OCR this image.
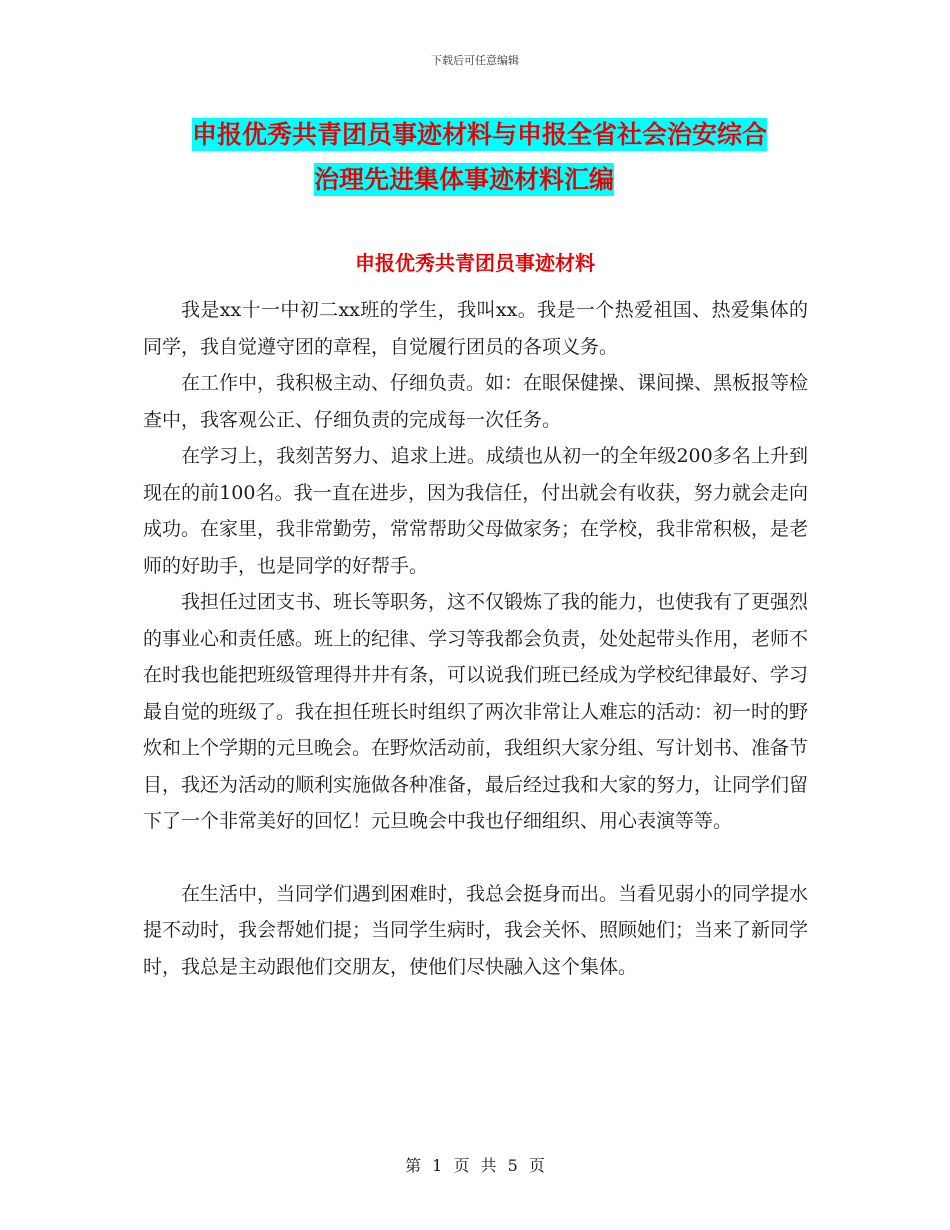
下载后可任意编辑
申报优秀共青团员事迹材料与申报全省社会治安综合
治理先进集体事迹材料汇编
申报优秀共青团员事迹材料

我是xx十一中初二xx班的学生，我叫xx。我是一个热爱祖国、热爱集体的同学，我自觉遵守团的章程，自觉履行团员的各项义务。

在工作中，我积极主动、仔细负责。如：在眼保健操、课间操、黑板报等检查中，我客观公正、仔细负责的完成每一次任务。

在学习上，我刻苦努力、追求上进。成绩也从初一的全年级200多名上升到现在的前100名。我一直在进步，因为我信任，付出就会有收获，努力就会走向成功。在家里，我非常勤劳，常常帮助父母做家务；在学校，我非常积极，是老师的好助手，也是同学的好帮手。

我担任过团支书、班长等职务，这不仅锻炼了我的能力，也使我有了更强烈的事业心和责任感。班上的纪律、学习等我都会负责，处处起带头作用，老师不在时我也能把班级管理得井井有条，可以说我们班已经成为学校纪律最好、学习最自觉的班级了。我在担任班长时组织了两次非常让人难忘的活动：初一时的野炊和上个学期的元旦晚会。在野炊活动前，我组织大家分组、写计划书、准备节目，我还为活动的顺利实施做各种准备，最后经过我和大家的努力，让同学们留下了一个非常美好的回忆！元旦晚会中我也仔细组织、用心表演等等。

在生活中，当同学们遇到困难时，我总会挺身而出。当看见弱小的同学提水提不动时，我会帮她们提；当同学生病时，我会关怀、照顾她们；当来了新同学时，我总是主动跟他们交朋友，使他们尽快融入这个集体。

第 1 页 共 5 页
